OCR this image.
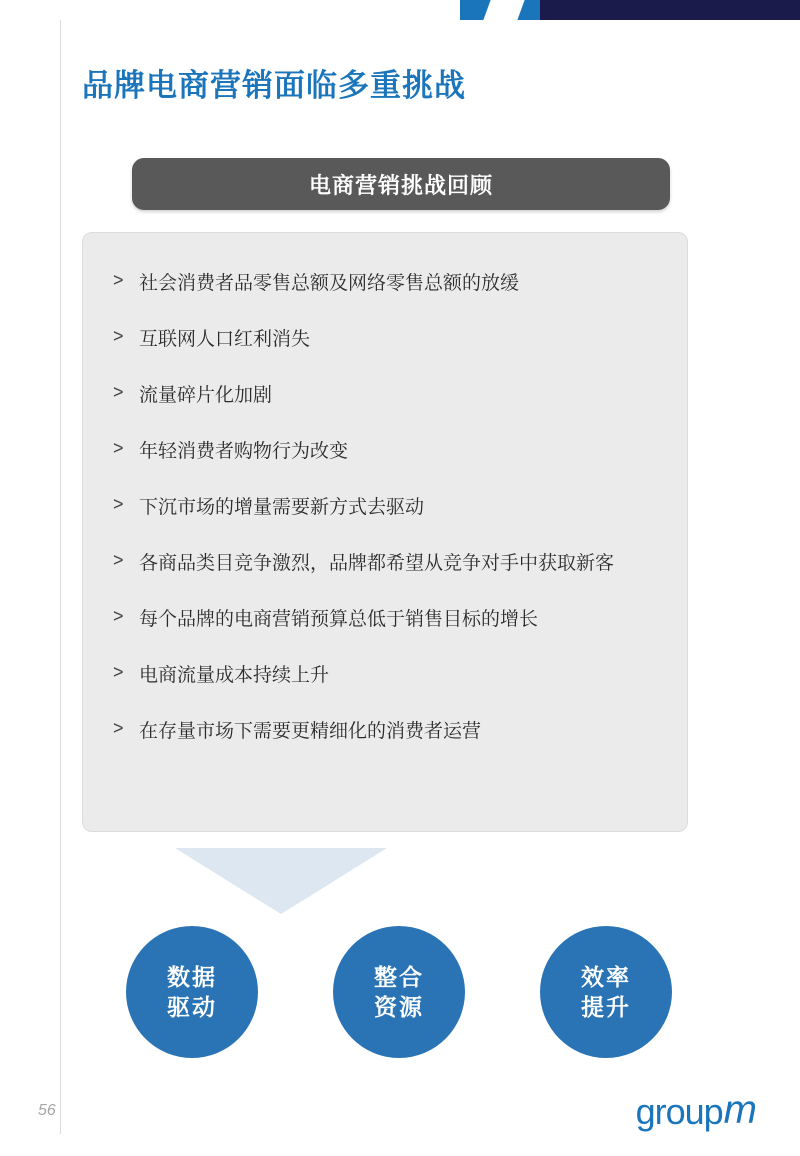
品牌电商营销面临多重挑战
电商营销挑战回顾
> 社会消费者品零售总额及网络零售总额的放缓
> 互联网人口红利消失
> 流量碎片化加剧
> 年轻消费者购物行为改变
> 下沉市场的增量需要新方式去驱动
> 各商品类目竞争激烈，品牌都希望从竞争对手中获取新客
> 每个品牌的电商营销预算总低于销售目标的增长
> 电商流量成本持续上升
> 在存量市场下需要更精细化的消费者运营
数据
驱动
整合
资源
效率
提升
56	group m
